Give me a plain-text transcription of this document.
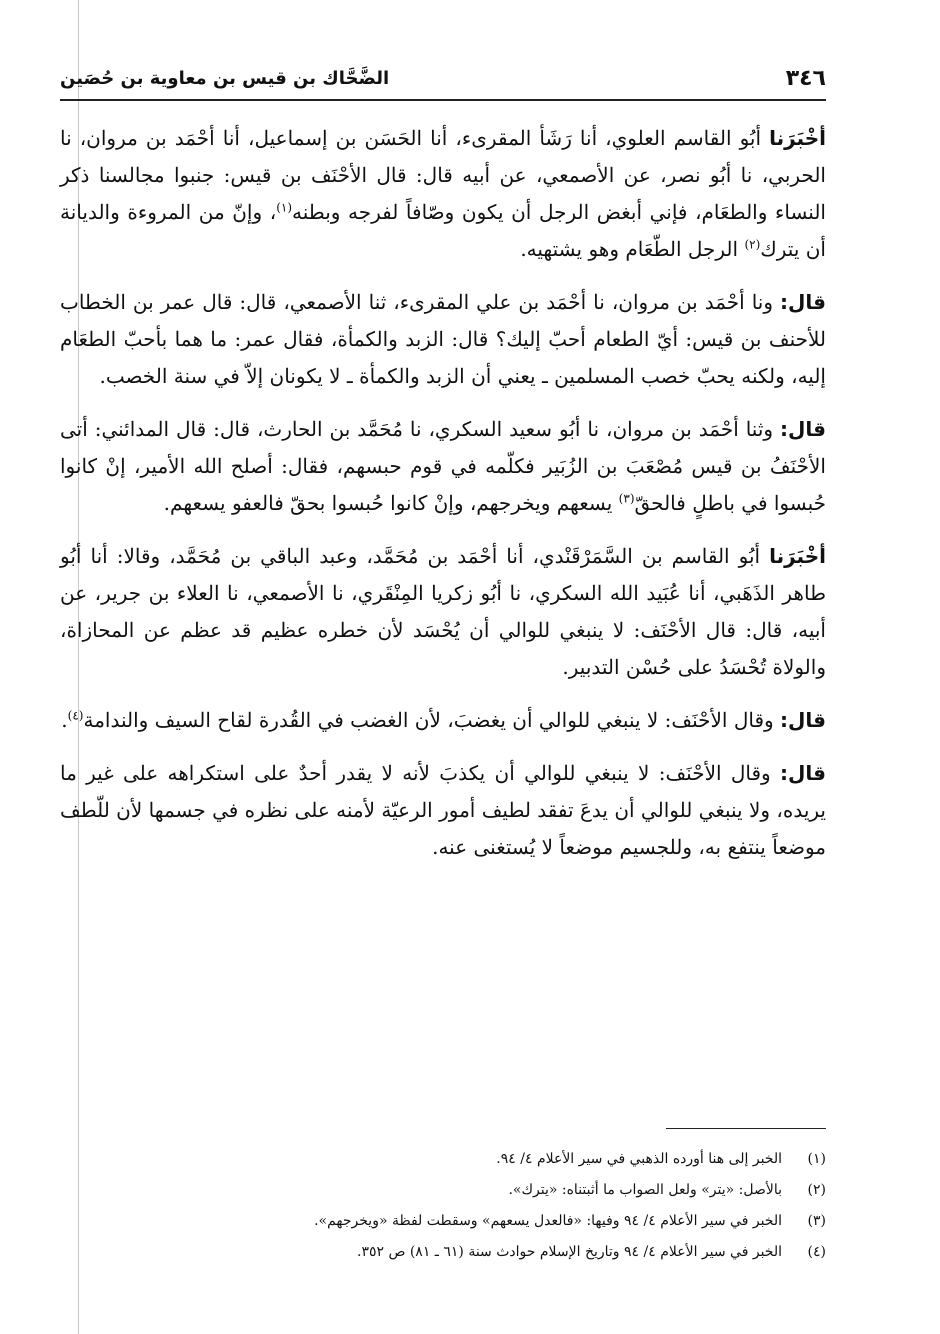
٣٤٦
الضَّحَّاك بن قيس بن معاوية بن حُصَين

أخْبَرَنا أبُو القاسم العلوي، أنا رَشَأ المقرىء، أنا الحَسَن بن إسماعيل، أنا أحْمَد بن مروان، نا الحربي، نا أبُو نصر، عن الأصمعي، عن أبيه قال: قال الأحْنَف بن قيس: جنبوا مجالسنا ذكر النساء والطعَام، فإني أبغض الرجل أن يكون وصّافاً لفرجه وبطنه$^{(١)}$، وإنّ من المروءة والديانة أن يترك$^{(٢)}$ الرجل الطّعَام وهو يشتهيه.

قال: ونا أحْمَد بن مروان، نا أحْمَد بن علي المقرىء، ثنا الأصمعي، قال: قال عمر بن الخطاب للأحنف بن قيس: أيّ الطعام أحبّ إليك؟ قال: الزبد والكمأة، فقال عمر: ما هما بأحبّ الطعَام إليه، ولكنه يحبّ خصب المسلمين ـ يعني أن الزبد والكمأة ـ لا يكونان إلاّ في سنة الخصب.

قال: وثنا أحْمَد بن مروان، نا أبُو سعيد السكري، نا مُحَمَّد بن الحارث، قال: قال المدائني: أتى الأحْنَفُ بن قيس مُصْعَبَ بن الزُبَير فكلّمه في قوم حبسهم، فقال: أصلح الله الأمير، إنْ كانوا حُبسوا في باطلٍ فالحقّ$^{(٣)}$ يسعهم ويخرجهم، وإنْ كانوا حُبسوا بحقّ فالعفو يسعهم.

أخْبَرَنا أبُو القاسم بن السَّمَرْقَنْدي، أنا أحْمَد بن مُحَمَّد، وعبد الباقي بن مُحَمَّد، وقالا: أنا أبُو طاهر الذَهَبي، أنا عُبَيد الله السكري، نا أبُو زكريا المِنْقَري، نا الأصمعي، نا العلاء بن جرير، عن أبيه، قال: قال الأحْنَف: لا ينبغي للوالي أن يُحْسَد لأن خطره عظيم قد عظم عن المحازاة، والولاة تُحْسَدُ على حُسْن التدبير.

قال: وقال الأحْنَف: لا ينبغي للوالي أن يغضبَ، لأن الغضب في القُدرة لقاح السيف والندامة$^{(٤)}$.

قال: وقال الأحْنَف: لا ينبغي للوالي أن يكذبَ لأنه لا يقدر أحدٌ على استكراهه على غير ما يريده، ولا ينبغي للوالي أن يدعَ تفقد لطيف أمور الرعيّة لأمنه على نظره في جسمها لأن للّطف موضعاً ينتفع به، وللجسيم موضعاً لا يُستغنى عنه.

(١)
الخبر إلى هنا أورده الذهبي في سير الأعلام ٤/ ٩٤.
(٢)
بالأصل: «يتر» ولعل الصواب ما أثبتناه: «يترك».
(٣)
الخبر في سير الأعلام ٤/ ٩٤ وفيها: «فالعدل يسعهم» وسقطت لفظة «ويخرجهم».
(٤)
الخبر في سير الأعلام ٤/ ٩٤ وتاريخ الإسلام حوادث سنة (٦١ ـ ٨١) ص ٣٥٢.
